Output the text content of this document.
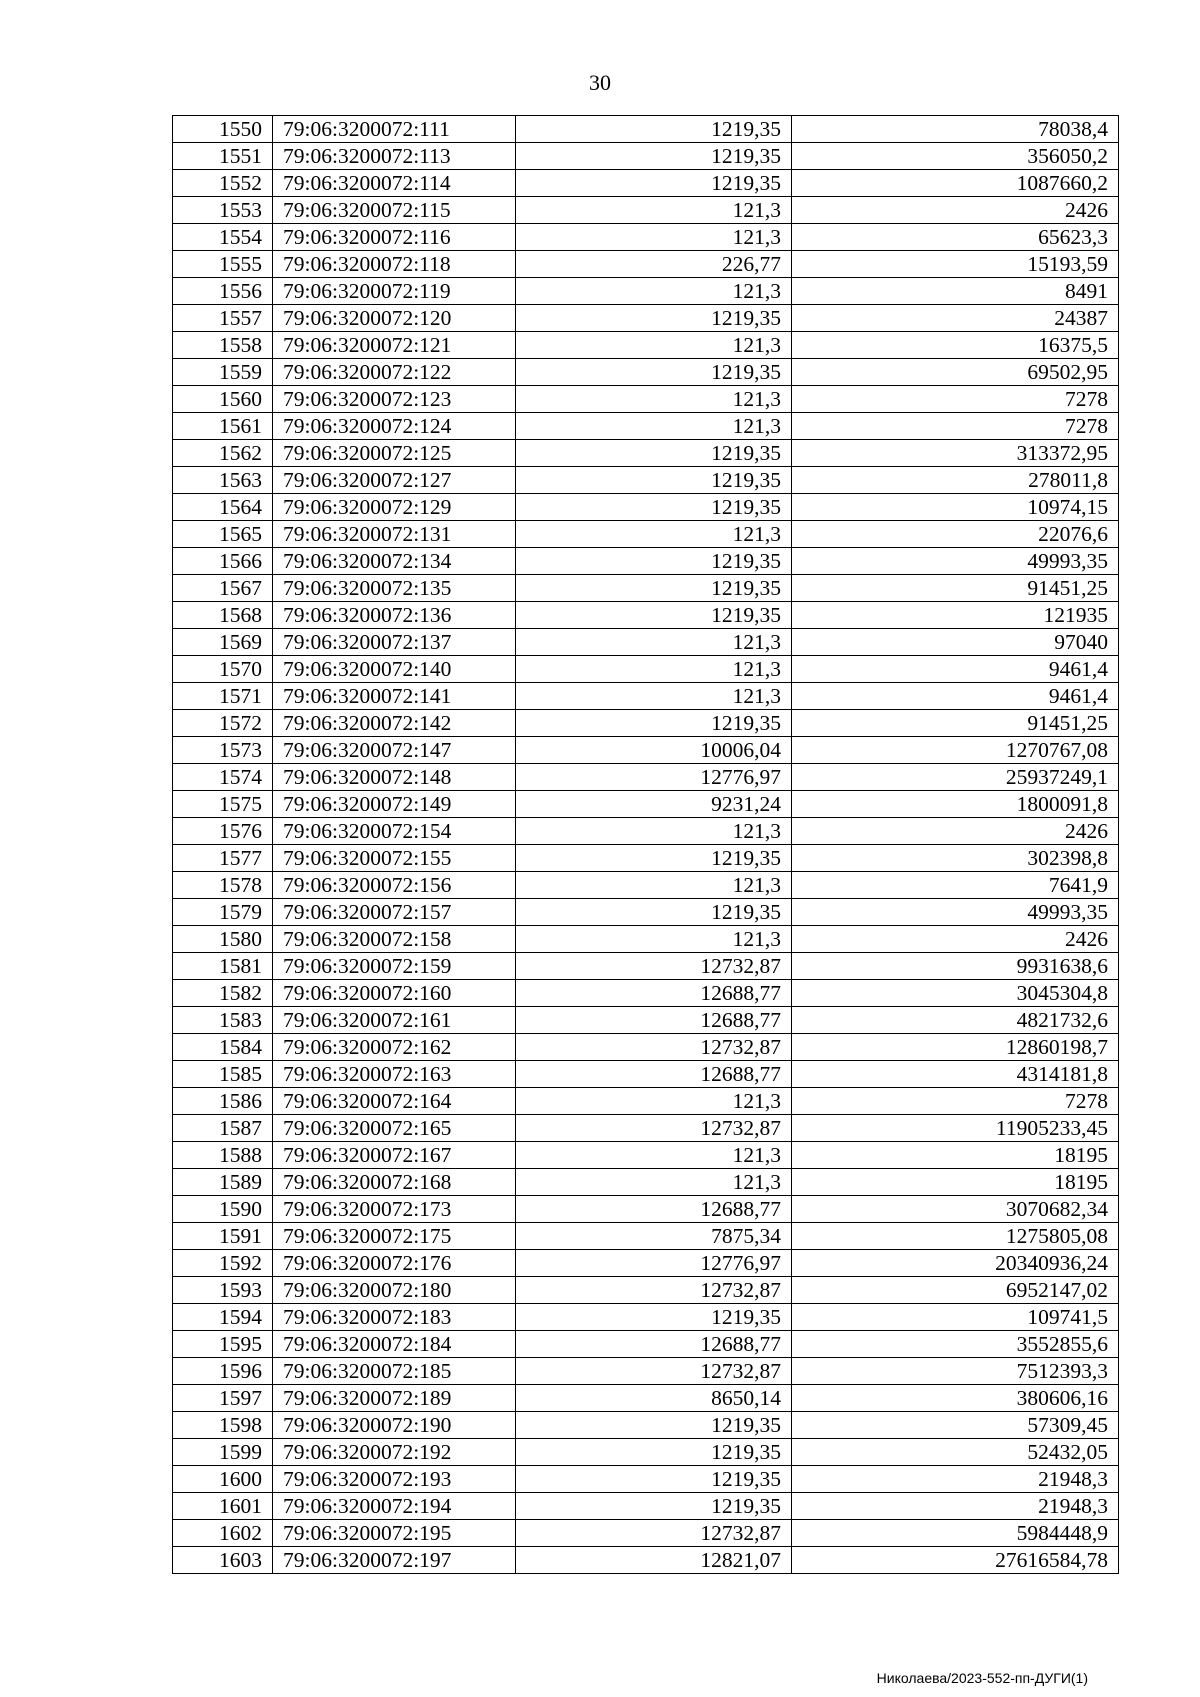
30
1550	79:06:3200072:111	1219,35	78038,4
1551	79:06:3200072:113	1219,35	356050,2
1552	79:06:3200072:114	1219,35	1087660,2
1553	79:06:3200072:115	121,3	2426
1554	79:06:3200072:116	121,3	65623,3
1555	79:06:3200072:118	226,77	15193,59
1556	79:06:3200072:119	121,3	8491
1557	79:06:3200072:120	1219,35	24387
1558	79:06:3200072:121	121,3	16375,5
1559	79:06:3200072:122	1219,35	69502,95
1560	79:06:3200072:123	121,3	7278
1561	79:06:3200072:124	121,3	7278
1562	79:06:3200072:125	1219,35	313372,95
1563	79:06:3200072:127	1219,35	278011,8
1564	79:06:3200072:129	1219,35	10974,15
1565	79:06:3200072:131	121,3	22076,6
1566	79:06:3200072:134	1219,35	49993,35
1567	79:06:3200072:135	1219,35	91451,25
1568	79:06:3200072:136	1219,35	121935
1569	79:06:3200072:137	121,3	97040
1570	79:06:3200072:140	121,3	9461,4
1571	79:06:3200072:141	121,3	9461,4
1572	79:06:3200072:142	1219,35	91451,25
1573	79:06:3200072:147	10006,04	1270767,08
1574	79:06:3200072:148	12776,97	25937249,1
1575	79:06:3200072:149	9231,24	1800091,8
1576	79:06:3200072:154	121,3	2426
1577	79:06:3200072:155	1219,35	302398,8
1578	79:06:3200072:156	121,3	7641,9
1579	79:06:3200072:157	1219,35	49993,35
1580	79:06:3200072:158	121,3	2426
1581	79:06:3200072:159	12732,87	9931638,6
1582	79:06:3200072:160	12688,77	3045304,8
1583	79:06:3200072:161	12688,77	4821732,6
1584	79:06:3200072:162	12732,87	12860198,7
1585	79:06:3200072:163	12688,77	4314181,8
1586	79:06:3200072:164	121,3	7278
1587	79:06:3200072:165	12732,87	11905233,45
1588	79:06:3200072:167	121,3	18195
1589	79:06:3200072:168	121,3	18195
1590	79:06:3200072:173	12688,77	3070682,34
1591	79:06:3200072:175	7875,34	1275805,08
1592	79:06:3200072:176	12776,97	20340936,24
1593	79:06:3200072:180	12732,87	6952147,02
1594	79:06:3200072:183	1219,35	109741,5
1595	79:06:3200072:184	12688,77	3552855,6
1596	79:06:3200072:185	12732,87	7512393,3
1597	79:06:3200072:189	8650,14	380606,16
1598	79:06:3200072:190	1219,35	57309,45
1599	79:06:3200072:192	1219,35	52432,05
1600	79:06:3200072:193	1219,35	21948,3
1601	79:06:3200072:194	1219,35	21948,3
1602	79:06:3200072:195	12732,87	5984448,9
1603	79:06:3200072:197	12821,07	27616584,78
Николаева/2023-552-пп-ДУГИ(1)
